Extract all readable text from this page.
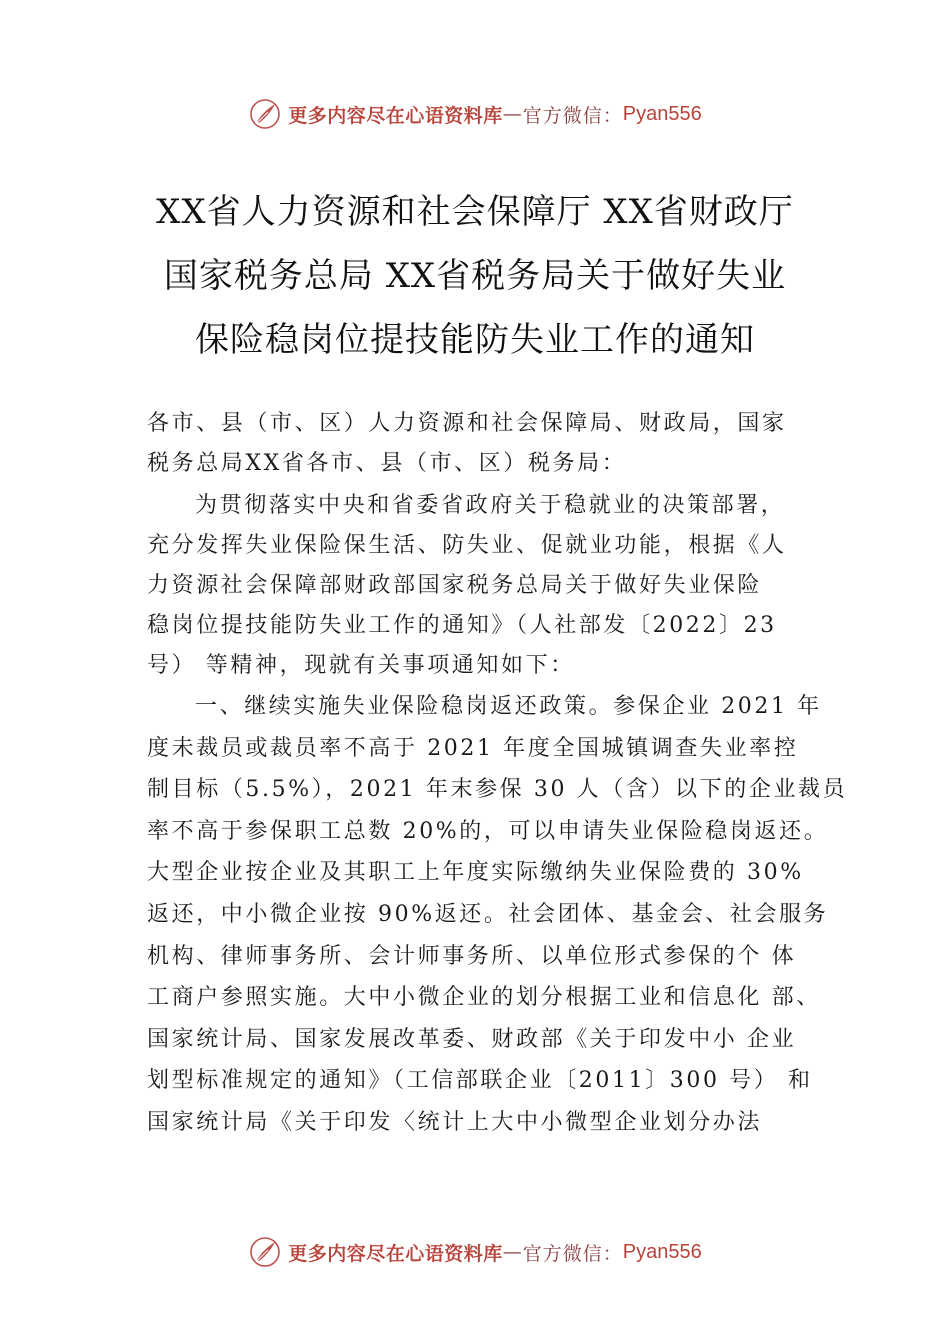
更多内容尽在心语资料库 — 官方微信： Pyan556
XX省人力资源和社会保障厅 XX省财政厅
国家税务总局 XX省税务局关于做好失业
保险稳岗位提技能防失业工作的通知
各市、县（市、区）人力资源和社会保障局、财政局，国家
税务总局XX省各市、县（市、区）税务局：
为贯彻落实中央和省委省政府关于稳就业的决策部署，
充分发挥失业保险保生活、防失业、促就业功能，根据《人
力资源社会保障部财政部国家税务总局关于做好失业保险
稳岗位提技能防失业工作的通知》（人社部发〔2022〕23
号） 等精神，现就有关事项通知如下：
一、继续实施失业保险稳岗返还政策。参保企业 2021 年
度未裁员或裁员率不高于 2021 年度全国城镇调查失业率控
制目标（5.5%），2021 年末参保 30 人（含）以下的企业裁员
率不高于参保职工总数 20%的，可以申请失业保险稳岗返还。
大型企业按企业及其职工上年度实际缴纳失业保险费的 30%
返还，中小微企业按 90%返还。社会团体、基金会、社会服务
机构、律师事务所、会计师事务所、以单位形式参保的个 体
工商户参照实施。大中小微企业的划分根据工业和信息化 部、
国家统计局、国家发展改革委、财政部《关于印发中小 企业
划型标准规定的通知》（工信部联企业〔2011〕300 号） 和
国家统计局《关于印发〈统计上大中小微型企业划分办法
更多内容尽在心语资料库 — 官方微信： Pyan556
